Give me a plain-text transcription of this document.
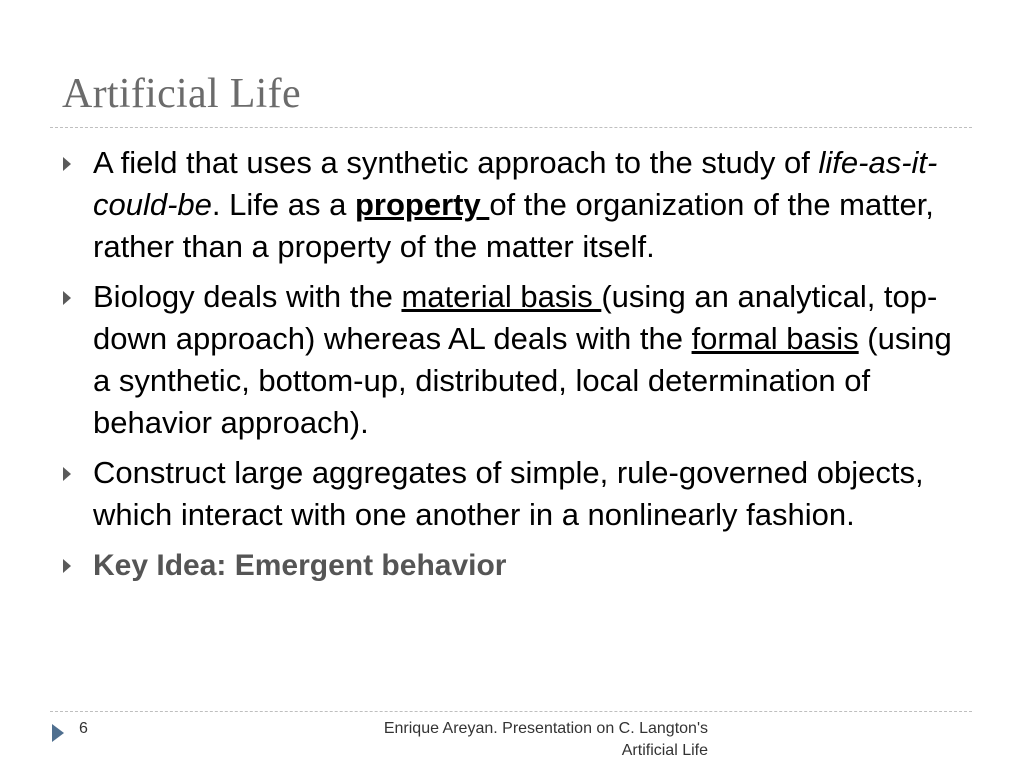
Artificial Life
A field that uses a synthetic approach to the study of life-as-it-could-be. Life as a property of the organization of the matter, rather than a property of the matter itself.
Biology deals with the material basis (using an analytical, top-down approach) whereas AL deals with the formal basis (using a synthetic, bottom-up, distributed, local determination of behavior approach).
Construct large aggregates of simple, rule-governed objects, which interact with one another in a nonlinearly fashion.
Key Idea: Emergent behavior
6	Enrique Areyan. Presentation on C. Langton's
Artificial Life
